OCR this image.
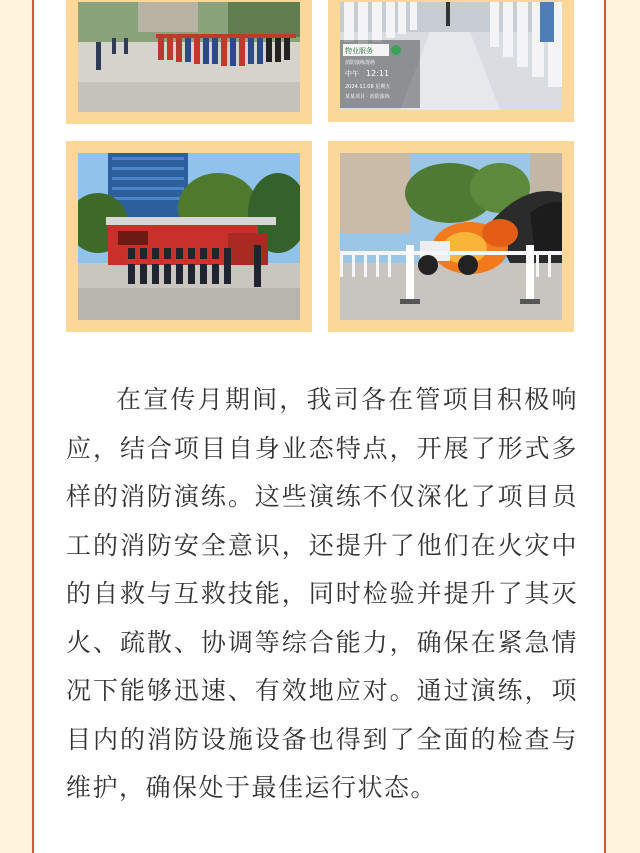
物业服务
消防演练现场
中午 12:11
2024.11.08 星期五
某某项目 · 消防演练

在宣传月期间，我司各在管项目积极响应，结合项目自身业态特点，开展了形式多样的消防演练。这些演练不仅深化了项目员工的消防安全意识，还提升了他们在火灾中的自救与互救技能，同时检验并提升了其灭火、疏散、协调等综合能力，确保在紧急情况下能够迅速、有效地应对。通过演练，项目内的消防设施设备也得到了全面的检查与维护，确保处于最佳运行状态。
